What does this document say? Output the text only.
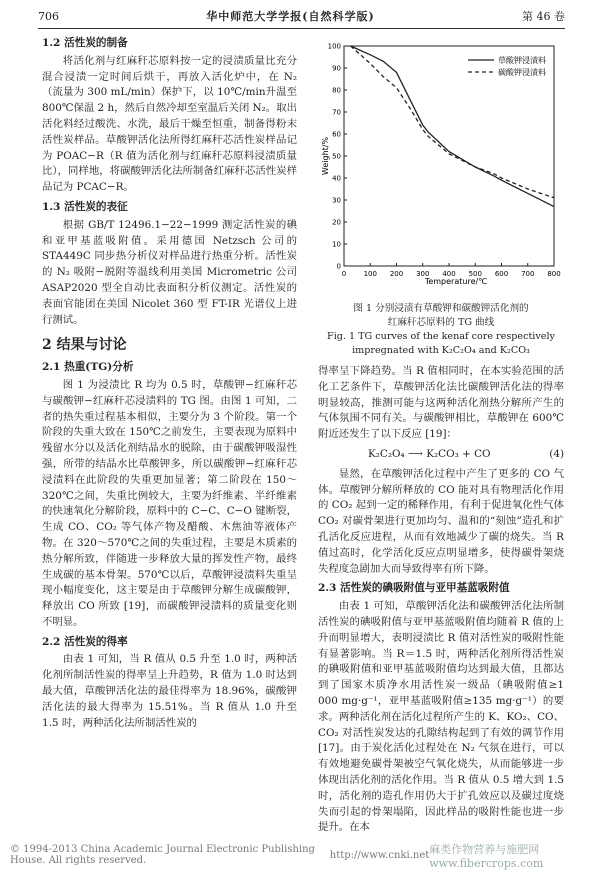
706	华中师范大学学报(自然科学版)	第 46 卷
1.2 活性炭的制备

将活化剂与红麻秆芯原料按一定的浸渍质量比充分混合浸渍一定时间后烘干，再放入活化炉中，在 N₂（流量为 300 mL/min）保护下，以 10℃/min升温至 800℃保温 2 h，然后自然冷却至室温后关闭 N₂。取出活化料经过酸洗、水洗，最后干燥至恒重，制备得粉末活性炭样品。草酸钾活化法所得红麻秆芯活性炭样品记为 POAC−R（R 值为活化剂与红麻秆芯原料浸渍质量比），同样地，将碳酸钾活化法所制备红麻秆芯活性炭样品记为 PCAC−R。

1.3 活性炭的表征

根据 GB/T 12496.1−22−1999 测定活性炭的碘和亚甲基蓝吸附值。采用德国 Netzsch 公司的 STA449C 同步热分析仪对样品进行热重分析。活性炭的 N₂ 吸附−脱附等温线利用美国 Micrometric 公司 ASAP2020 型全自动比表面积分析仪测定。活性炭的表面官能团在美国 Nicolet 360 型 FT-IR 光谱仪上进行测试。

2 结果与讨论
2.1 热重(TG)分析

图 1 为浸渍比 R 均为 0.5 时，草酸钾−红麻秆芯与碳酸钾−红麻秆芯浸渍料的 TG 图。由图 1 可知，二者的热失重过程基本相似，主要分为 3 个阶段。第一个阶段的失重大致在 150℃之前发生，主要表现为原料中残留水分以及活化剂结晶水的脱除，由于碳酸钾吸湿性强，所带的结晶水比草酸钾多，所以碳酸钾−红麻秆芯浸渍料在此阶段的失重更加显著；第二阶段在 150～320℃之间，失重比例较大，主要为纤维素、半纤维素的快速氧化分解阶段，原料中的 C−C、C−O 键断裂，生成 CO、CO₂ 等气体产物及醋酸、木焦油等液体产物。在 320～570℃之间的失重过程，主要是木质素的热分解所致，伴随进一步释放大量的挥发性产物，最终生成碳的基本骨架。570℃以后，草酸钾浸渍料失重呈现小幅度变化，这主要是由于草酸钾分解生成碳酸钾，释放出 CO 所致 [19]，而碳酸钾浸渍料的质量变化则不明显。

2.2 活性炭的得率

由表 1 可知，当 R 值从 0.5 升至 1.0 时，两种活化剂所制活性炭的得率呈上升趋势，R 值为 1.0 时达到最大值，草酸钾活化法的最佳得率为 18.96%，碳酸钾活化法的最大得率为 15.51%。当 R 值从 1.0 升至 1.5 时，两种活化法所制活性炭的

0 100 200 300 400 500 600 700 800
0
10
20
30
40
50
60
70
80
90
100
草酸钾浸渍料
碳酸钾浸渍料
Weight/%
Temperature/℃
图 1 分别浸渍有草酸钾和碳酸钾活化剂的
红麻秆芯原料的 TG 曲线
Fig. 1 TG curves of the kenaf core respectively
impregnated with K₂C₂O₄ and K₂CO₃

得率呈下降趋势。当 R 值相同时，在本实验范围的活化工艺条件下，草酸钾活化法比碳酸钾活化法的得率明显较高，推测可能与这两种活化剂热分解所产生的气体氛围不同有关。与碳酸钾相比，草酸钾在 600℃附近还发生了以下反应 [19]：

K₂C₂O₄ ⟶ K₂CO₃ + CO	(4)

显然，在草酸钾活化过程中产生了更多的 CO 气体。草酸钾分解所释放的 CO 能对具有物理活化作用的 CO₂ 起到一定的稀释作用，有利于促进氧化性气体 CO₂ 对碳骨架进行更加均匀、温和的“刻蚀”造孔和扩孔活化反应进程，从而有效地减少了碳的烧失。当 R 值过高时，化学活化反应点明显增多，使得碳骨架烧失程度急剧加大而导致得率有所下降。

2.3 活性炭的碘吸附值与亚甲基蓝吸附值

由表 1 可知，草酸钾活化法和碳酸钾活化法所制活性炭的碘吸附值与亚甲基蓝吸附值均随着 R 值的上升而明显增大，表明浸渍比 R 值对活性炭的吸附性能有显著影响。当 R＝1.5 时，两种活化剂所得活性炭的碘吸附值和亚甲基蓝吸附值均达到最大值，且都达到了国家木质净水用活性炭一级品（碘吸附值≥1 000 mg·g⁻¹，亚甲基蓝吸附值≥135 mg·g⁻¹）的要求。两种活化剂在活化过程所产生的 K、KO₂、CO、CO₂ 对活性炭发达的孔隙结构起到了有效的调节作用 [17]。由于炭化活化过程处在 N₂ 气氛在进行，可以有效地避免碳骨架被空气氧化烧失，从而能够进一步体现出活化剂的活化作用。当 R 值从 0.5 增大到 1.5 时，活化剂的造孔作用仍大于扩孔效应以及碳过度烧失而引起的骨架塌陷，因此样品的吸附性能也进一步提升。在本

© 1994-2013 China Academic Journal Electronic Publishing House. All rights reserved.	http://www.cnki.net 麻类作物营养与施肥网 www.fibercrops.com
